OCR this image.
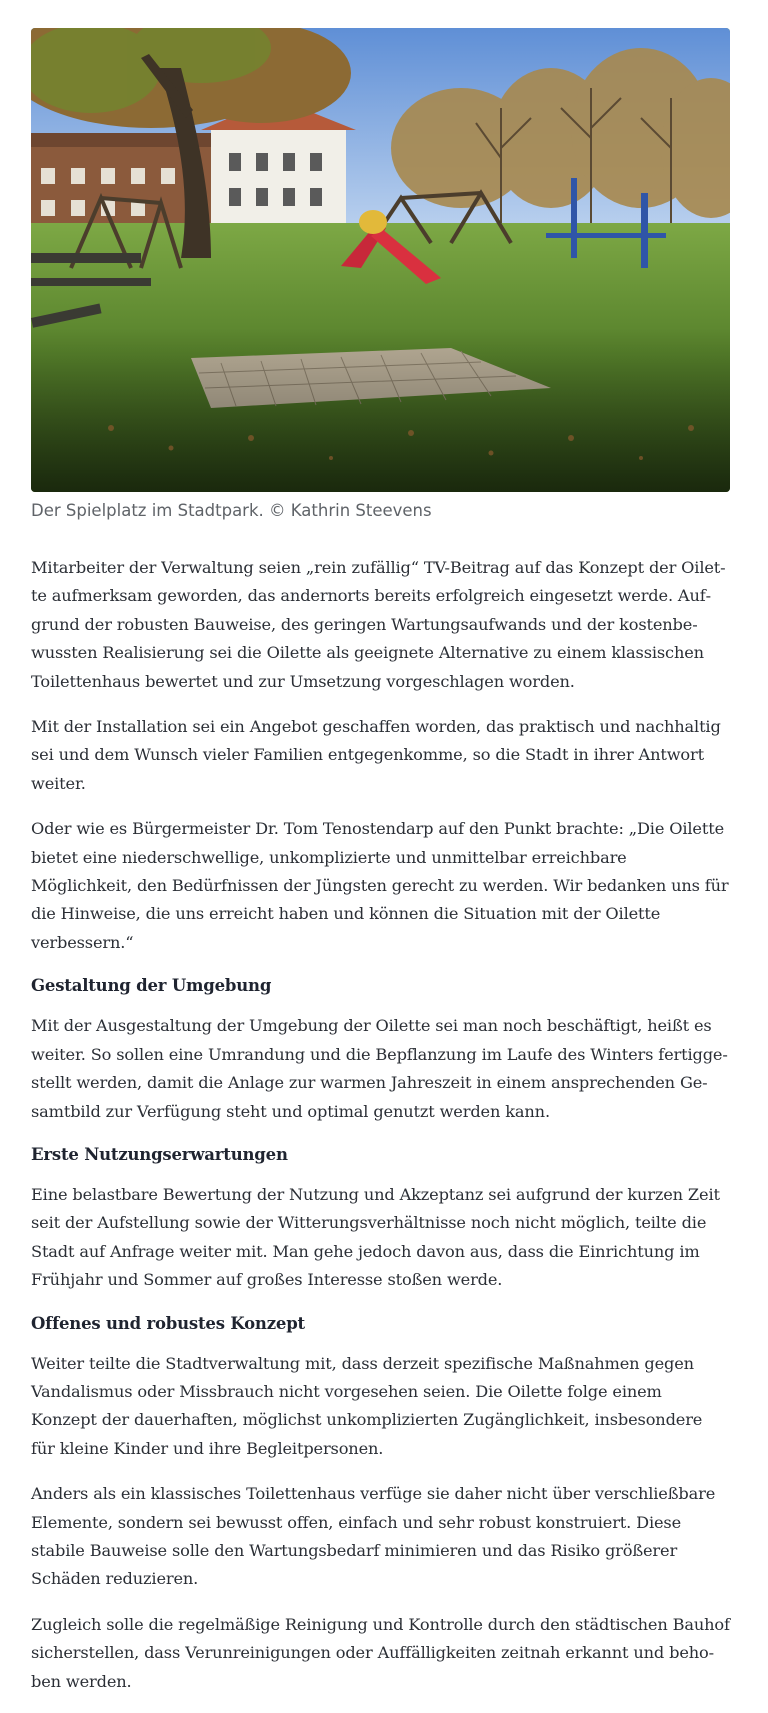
Der Spielplatz im Stadtpark. © Kathrin Steevens

Mitarbeiter der Verwaltung seien „rein zufällig“ TV-Beitrag auf das Konzept der Oilette aufmerksam geworden, das andernorts bereits erfolgreich eingesetzt werde. Aufgrund der robusten Bauweise, des geringen Wartungsaufwands und der kostenbewussten Realisierung sei die Oilette als geeignete Alternative zu einem klassischen Toilettenhaus bewertet und zur Umsetzung vorgeschlagen worden.

Mit der Installation sei ein Angebot geschaffen worden, das praktisch und nachhaltig sei und dem Wunsch vieler Familien entgegenkomme, so die Stadt in ihrer Antwort weiter.

Oder wie es Bürgermeister Dr. Tom Tenostendarp auf den Punkt brachte: „Die Oilette bietet eine niederschwellige, unkomplizierte und unmittelbar erreichbare Möglichkeit, den Bedürfnissen der Jüngsten gerecht zu werden. Wir bedanken uns für die Hinweise, die uns erreicht haben und können die Situation mit der Oilette verbessern.“

Gestaltung der Umgebung

Mit der Ausgestaltung der Umgebung der Oilette sei man noch beschäftigt, heißt es weiter. So sollen eine Umrandung und die Bepflanzung im Laufe des Winters fertiggestellt werden, damit die Anlage zur warmen Jahreszeit in einem ansprechenden Gesamtbild zur Verfügung steht und optimal genutzt werden kann.

Erste Nutzungserwartungen

Eine belastbare Bewertung der Nutzung und Akzeptanz sei aufgrund der kurzen Zeit seit der Aufstellung sowie der Witterungsverhältnisse noch nicht möglich, teilte die Stadt auf Anfrage weiter mit. Man gehe jedoch davon aus, dass die Einrichtung im Frühjahr und Sommer auf großes Interesse stoßen werde.

Offenes und robustes Konzept

Weiter teilte die Stadtverwaltung mit, dass derzeit spezifische Maßnahmen gegen Vandalismus oder Missbrauch nicht vorgesehen seien. Die Oilette folge einem Konzept der dauerhaften, möglichst unkomplizierten Zugänglichkeit, insbesondere für kleine Kinder und ihre Begleitpersonen.

Anders als ein klassisches Toilettenhaus verfüge sie daher nicht über verschließbare Elemente, sondern sei bewusst offen, einfach und sehr robust konstruiert. Diese stabile Bauweise solle den Wartungsbedarf minimieren und das Risiko größerer Schäden reduzieren.

Zugleich solle die regelmäßige Reinigung und Kontrolle durch den städtischen Bauhof sicherstellen, dass Verunreinigungen oder Auffälligkeiten zeitnah erkannt und behoben werden.
